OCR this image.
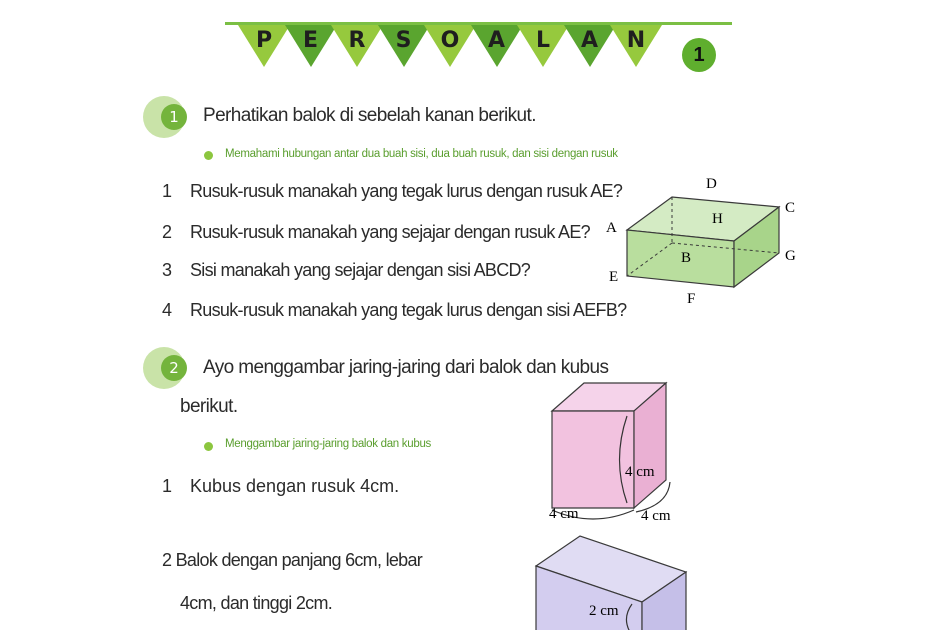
P	E	R	S	O	A	L	A	N
1
1	Perhatikan balok di sebelah kanan berikut.
Memahami hubungan antar dua buah sisi, dua buah rusuk, dan sisi dengan rusuk
1 Rusuk-rusuk manakah yang tegak lurus dengan rusuk AE?
2 Rusuk-rusuk manakah yang sejajar dengan rusuk AE?
3 Sisi manakah yang sejajar dengan sisi ABCD?
4 Rusuk-rusuk manakah yang tegak lurus dengan sisi AEFB?
A
B
C
D
E
F
G
H
2	Ayo menggambar jaring-jaring dari balok dan kubus
berikut.
Menggambar jaring-jaring balok dan kubus
1 Kubus dengan rusuk 4cm.
2 Balok dengan panjang 6cm, lebar
4cm, dan tinggi 2cm.
4 cm
4 cm	4 cm
2 cm
